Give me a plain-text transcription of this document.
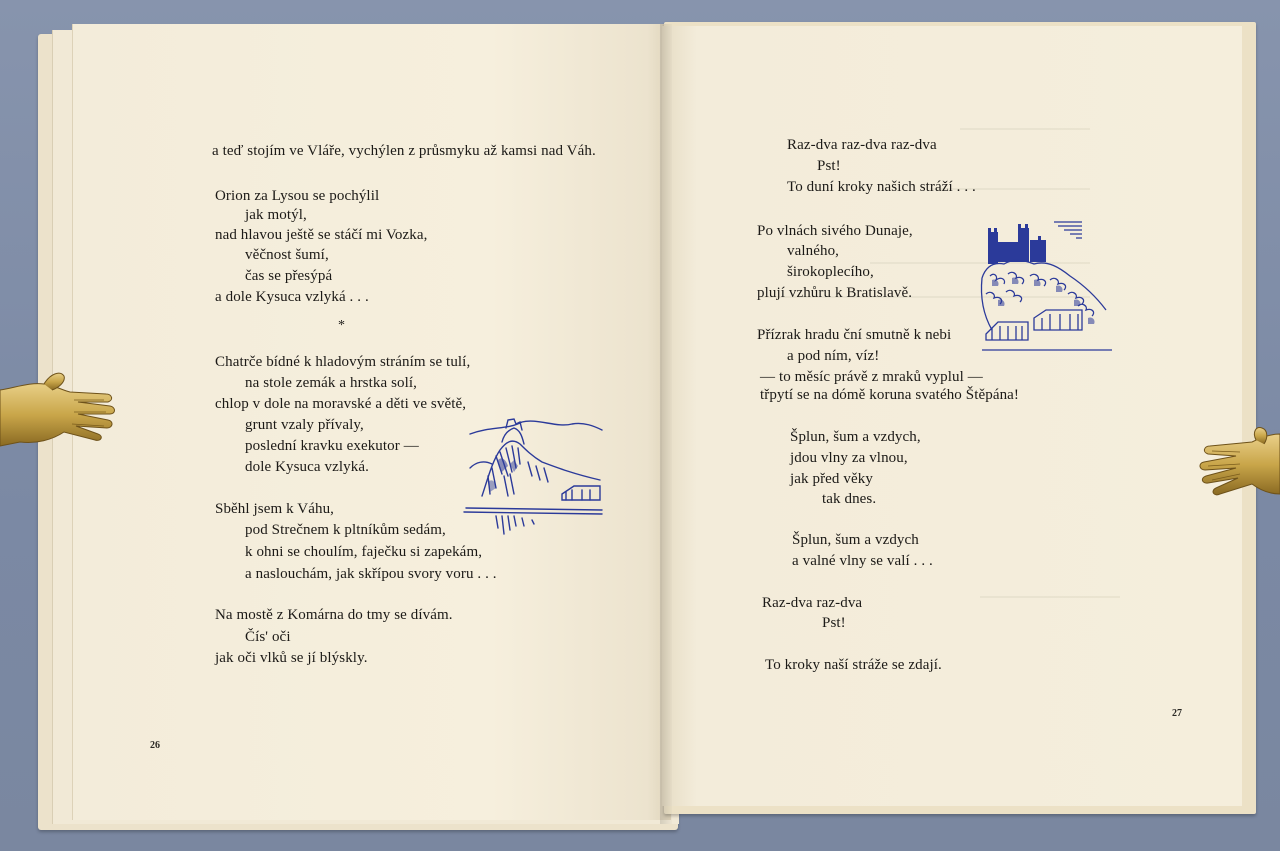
a teď stojím ve Vláře, vychýlen z průsmyku až kamsi nad Váh.
Orion za Lysou se pochýlil
jak motýl,
nad hlavou ještě se stáčí mi Vozka,
věčnost šumí,
čas se přesýpá
a dole Kysuca vzlyká . . .
*
Chatrče bídné k hladovým stráním se tulí,
na stole zemák a hrstka solí,
chlop v dole na moravské a děti ve světě,
grunt vzaly přívaly,
poslední kravku exekutor —
dole Kysuca vzlyká.
Sběhl jsem k Váhu,
pod Strečnem k pltníkům sedám,
k ohni se choulím, faječku si zapekám,
a naslouchám, jak skřípou svory voru . . .
Na mostě z Komárna do tmy se dívám.
Čís' oči
jak oči vlků se jí blýskly.
26
Raz-dva raz-dva raz-dva
Pst!
To duní kroky našich stráží . . .
Po vlnách sivého Dunaje,
valného,
širokoplecího,
plují vzhůru k Bratislavě.
Přízrak hradu ční smutně k nebi
a pod ním, víz!
— to měsíc právě z mraků vyplul —
třpytí se na dómě koruna svatého Štěpána!
Šplun, šum a vzdych,
jdou vlny za vlnou,
jak před věky
tak dnes.
Šplun, šum a vzdych
a valné vlny se valí . . .
Raz-dva raz-dva
Pst!
To kroky naší stráže se zdají.
27
